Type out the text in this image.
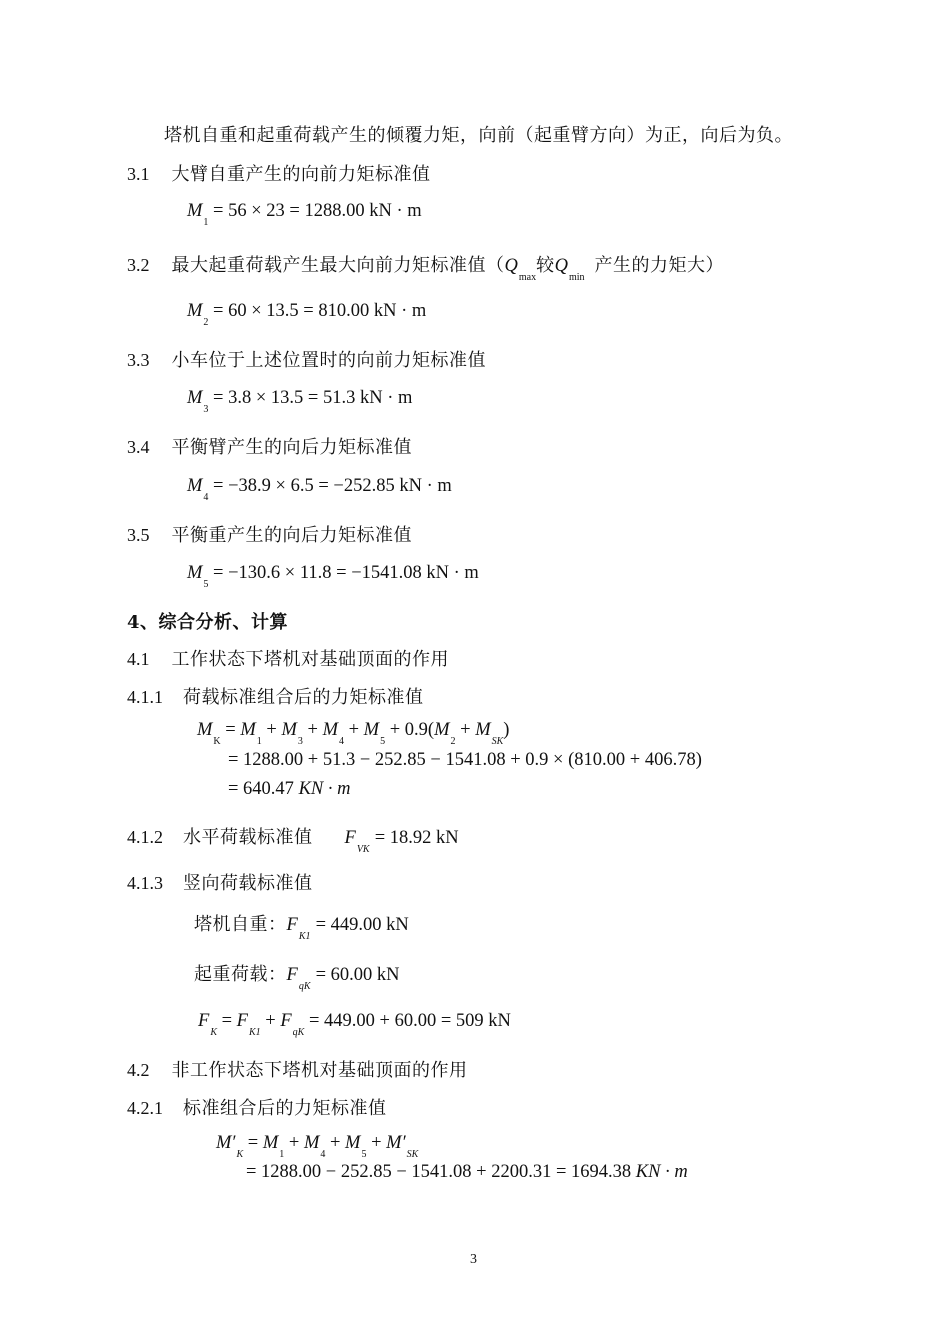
塔机自重和起重荷载产生的倾覆力矩，向前（起重臂方向）为正，向后为负。
3.1 大臂自重产生的向前力矩标准值
$M_1 = 56 \times 23 = 1288.00$ kN · m
3.2 最大起重荷载产生最大向前力矩标准值（$Q_{max}$较$Q_{min}$产生的力矩大）
$M_2 = 60 \times 13.5 = 810.00$ kN · m
3.3 小车位于上述位置时的向前力矩标准值
$M_3 = 3.8 \times 13.5 = 51.3$ kN · m
3.4 平衡臂产生的向后力矩标准值
$M_4 = -38.9 \times 6.5 = -252.85$ kN · m
3.5 平衡重产生的向后力矩标准值
$M_5 = -130.6 \times 11.8 = -1541.08$ kN · m
4、综合分析、计算
4.1 工作状态下塔机对基础顶面的作用
4.1.1 荷载标准组合后的力矩标准值
$M_K = M_1 + M_3 + M_4 + M_5 + 0.9(M_2 + M_{SK})$
= 1288.00 + 51.3 − 252.85 − 1541.08 + 0.9 × (810.00 + 406.78)
= 640.47 KN · m
4.1.2 水平荷载标准值 $F_{VK} = 18.92$ kN
4.1.3 竖向荷载标准值
塔机自重：$F_{K1} = 449.00$ kN
起重荷载：$F_{qK} = 60.00$ kN
$F_K = F_{K1} + F_{qK} = 449.00 + 60.00 = 509$ kN
4.2 非工作状态下塔机对基础顶面的作用
4.2.1 标准组合后的力矩标准值
$M'_K = M_1 + M_4 + M_5 + M'_{SK}$
= 1288.00 − 252.85 − 1541.08 + 2200.31 = 1694.38 KN · m
3
